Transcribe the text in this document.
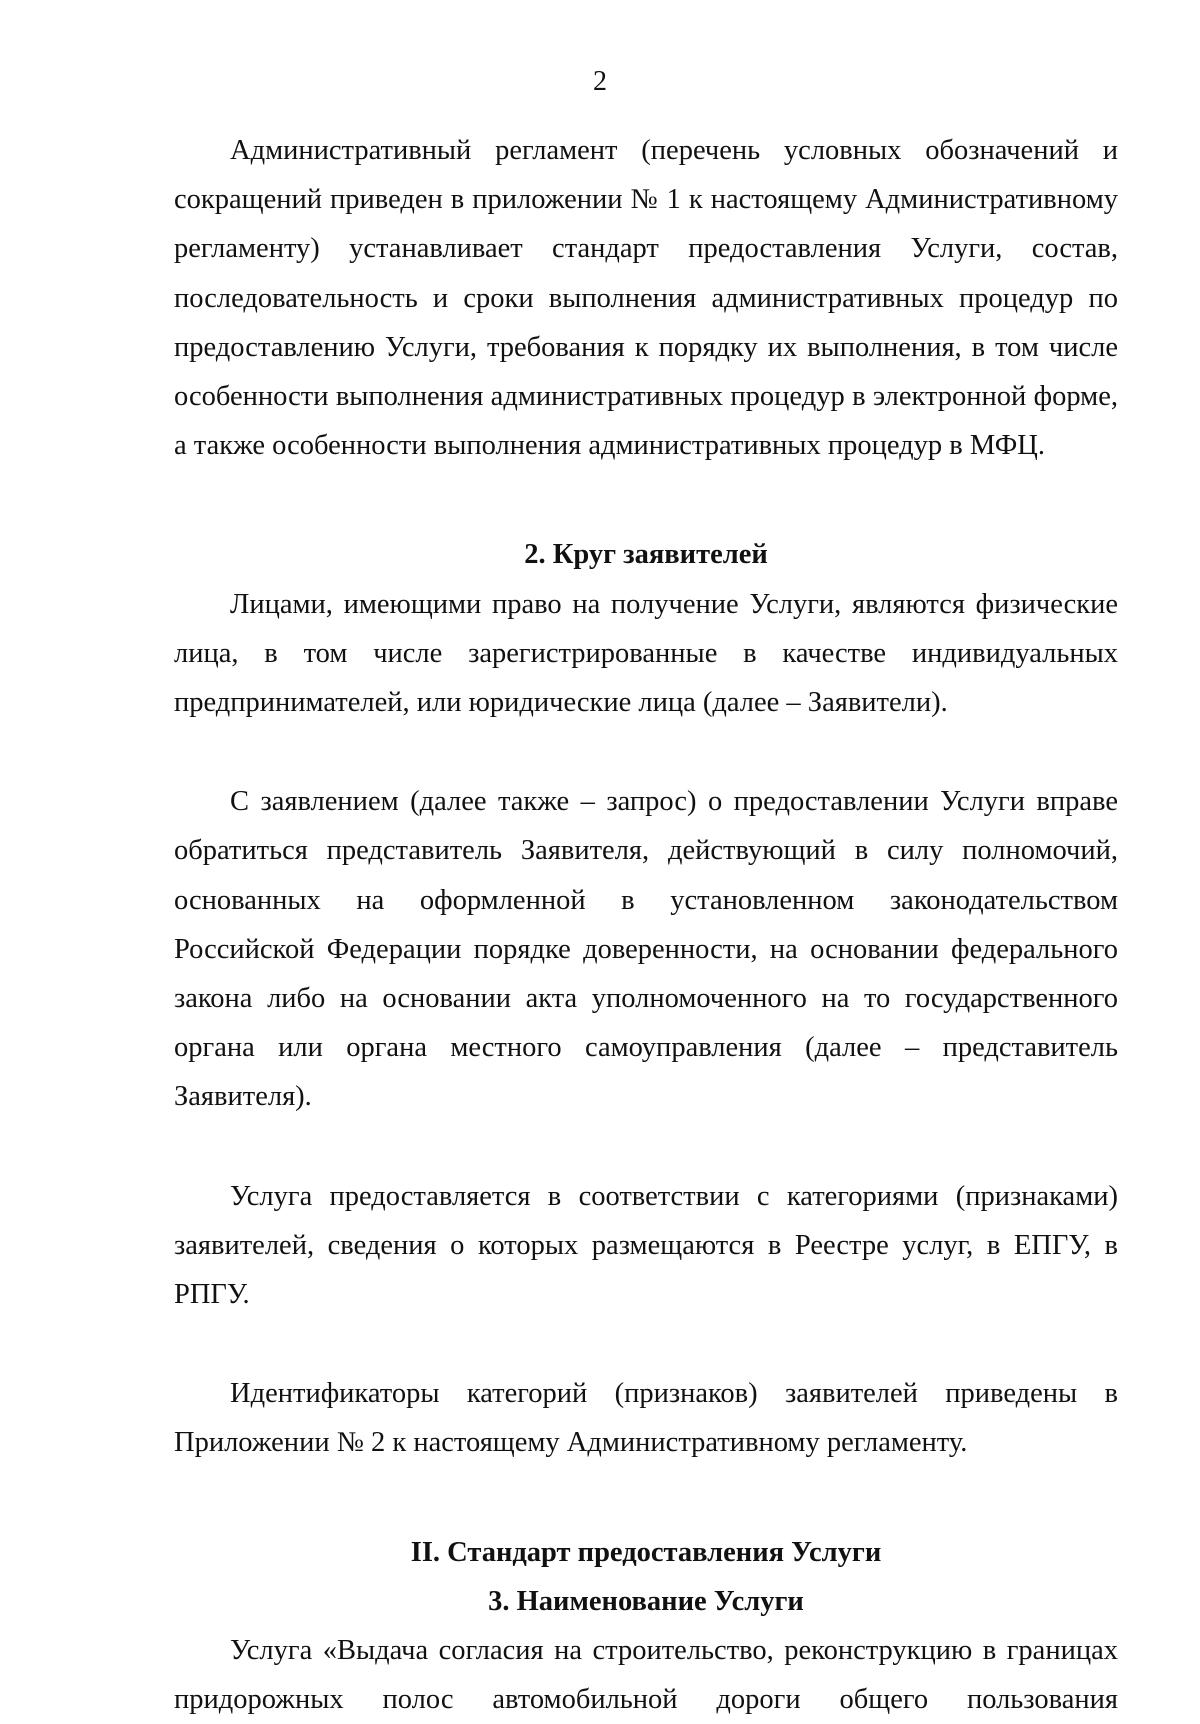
2

Административный регламент (перечень условных обозначений и сокращений приведен в приложении № 1 к настоящему Административному регламенту) устанавливает стандарт предоставления Услуги, состав, последовательность и сроки выполнения административных процедур по предоставлению Услуги, требования к порядку их выполнения, в том числе особенности выполнения административных процедур в электронной форме, а также особенности выполнения административных процедур в МФЦ.

2. Круг заявителей

Лицами, имеющими право на получение Услуги, являются физические лица, в том числе зарегистрированные в качестве индивидуальных предпринимателей, или юридические лица (далее – Заявители).

С заявлением (далее также – запрос) о предоставлении Услуги вправе обратиться представитель Заявителя, действующий в силу полномочий, основанных на оформленной в установленном законодательством Российской Федерации порядке доверенности, на основании федерального закона либо на основании акта уполномоченного на то государственного органа или органа местного самоуправления (далее – представитель Заявителя).

Услуга предоставляется в соответствии с категориями (признаками) заявителей, сведения о которых размещаются в Реестре услуг, в ЕПГУ, в РПГУ.

Идентификаторы категорий (признаков) заявителей приведены в Приложении № 2 к настоящему Административному регламенту.

II. Стандарт предоставления Услуги
3. Наименование Услуги

Услуга «Выдача согласия на строительство, реконструкцию в границах придорожных полос автомобильной дороги общего пользования
